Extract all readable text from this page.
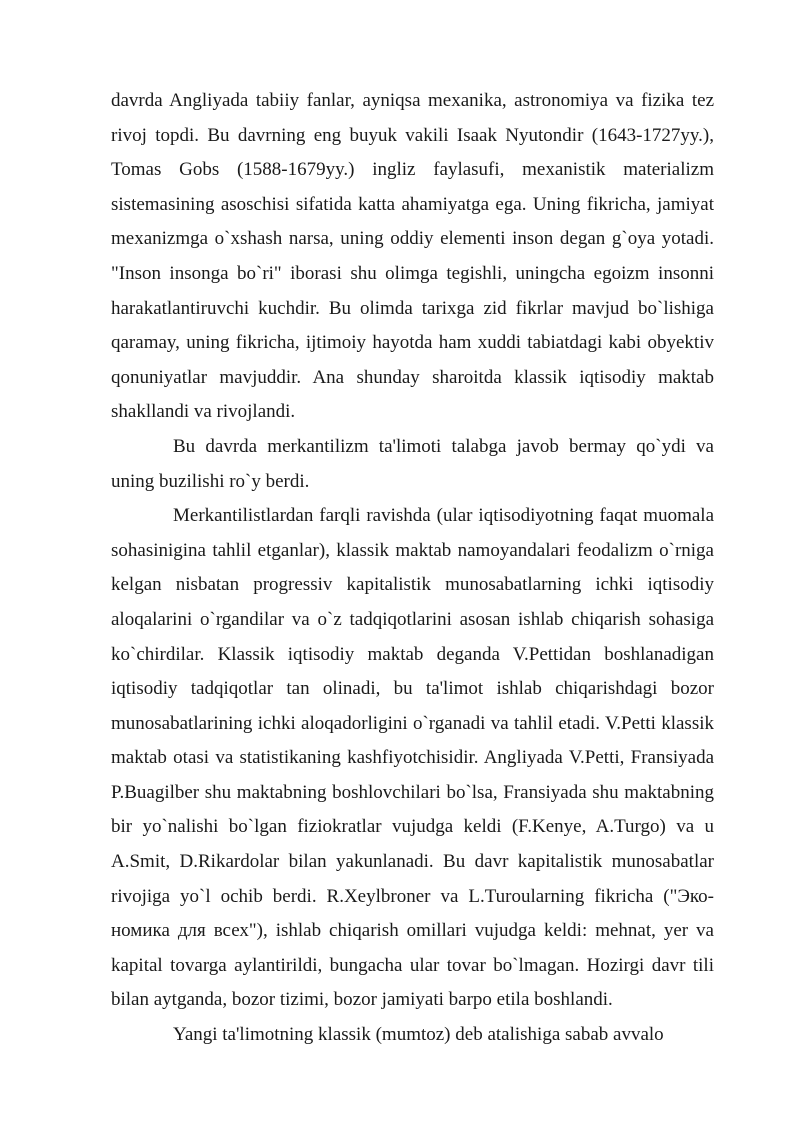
davrda Angliyada tabiiy fanlar, ayniqsa mexanika, astronomiya va fizika tez rivoj topdi. Bu davrning eng buyuk vakili Isaak Nyutondir (1643-1727yy.), Tomas Gobs (1588-1679yy.) ingliz faylasufi, mexanistik materializm sistemasining asoschisi sifatida katta ahamiyatga ega. Uning fikricha, jamiyat mexanizmga o`xshash narsa, uning oddiy elementi inson degan g`oya yotadi. "Inson insonga bo`ri" iborasi shu olimga tegishli, uningcha egoizm insonni harakatlantiruvchi kuchdir. Bu olimda tarixga zid fikrlar mavjud bo`lishiga qaramay, uning fikricha, ijtimoiy hayotda ham xuddi tabiatdagi kabi obyektiv qonuniyatlar mavjuddir. Ana shunday sharoitda klassik iqtisodiy maktab shakllandi va rivojlandi.

Bu davrda merkantilizm ta'limoti talabga javob bermay qo`ydi va uning buzilishi ro`y berdi.

Merkantilistlardan farqli ravishda (ular iqtisodiyotning faqat muomala sohasinigina tahlil etganlar), klassik maktab namoyandalari feodalizm o`rniga kelgan nisbatan progressiv kapitalistik munosabatlarning ichki iqtisodiy aloqalarini o`rgandilar va o`z tadqiqotlarini asosan ishlab chiqarish sohasiga ko`chirdilar. Klassik iqtisodiy maktab deganda V.Pettidan boshlanadigan iqtisodiy tadqiqotlar tan olinadi, bu ta'limot ishlab chiqarishdagi bozor munosabatlarining ichki aloqadorligini o`rganadi va tahlil etadi. V.Petti klassik maktab otasi va statistikaning kashfiyotchisidir. Angliyada V.Petti, Fransiyada P.Buagilber shu maktabning boshlovchilari bo`lsa, Fransiyada shu maktabning bir yo`nalishi bo`lgan fiziokratlar vujudga keldi (F.Kenye, A.Turgo) va u A.Smit, D.Rikardolar bilan yakunlanadi. Bu davr kapitalistik munosabatlar rivojiga yo`l ochib berdi. R.Xeylbroner va L.Turoularning fikricha ("Эко- номика для всех"), ishlab chiqarish omillari vujudga keldi: mehnat, yer va kapital tovarga aylantirildi, bungacha ular tovar bo`lmagan. Hozirgi davr tili bilan aytganda, bozor tizimi, bozor jamiyati barpo etila boshlandi.

Yangi ta'limotning klassik (mumtoz) deb atalishiga sabab avvalo
